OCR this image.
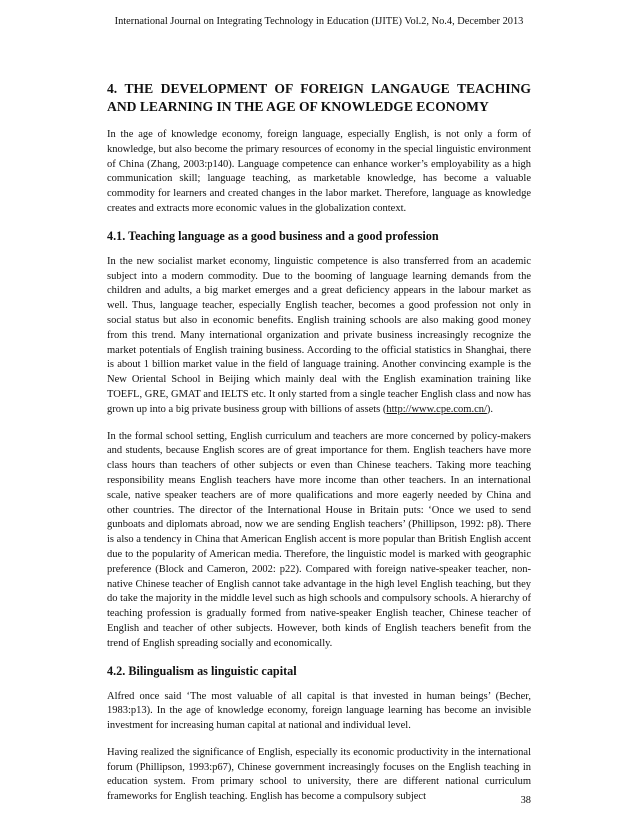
International Journal on Integrating Technology in Education (IJITE) Vol.2, No.4, December 2013
4. THE DEVELOPMENT OF FOREIGN LANGAUGE TEACHING AND LEARNING IN THE AGE OF KNOWLEDGE ECONOMY

In the age of knowledge economy, foreign language, especially English, is not only a form of knowledge, but also become the primary resources of economy in the special linguistic environment of China (Zhang, 2003:p140). Language competence can enhance worker’s employability as a high communication skill; language teaching, as marketable knowledge, has become a valuable commodity for learners and created changes in the labor market. Therefore, language as knowledge creates and extracts more economic values in the globalization context.

4.1. Teaching language as a good business and a good profession

In the new socialist market economy, linguistic competence is also transferred from an academic subject into a modern commodity. Due to the booming of language learning demands from the children and adults, a big market emerges and a great deficiency appears in the labour market as well. Thus, language teacher, especially English teacher, becomes a good profession not only in social status but also in economic benefits. English training schools are also making good money from this trend. Many international organization and private business increasingly recognize the market potentials of English training business. According to the official statistics in Shanghai, there is about 1 billion market value in the field of language training. Another convincing example is the New Oriental School in Beijing which mainly deal with the English examination training like TOEFL, GRE, GMAT and IELTS etc. It only started from a single teacher English class and now has grown up into a big private business group with billions of assets (http://www.cpe.com.cn/).

In the formal school setting, English curriculum and teachers are more concerned by policy-makers and students, because English scores are of great importance for them. English teachers have more class hours than teachers of other subjects or even than Chinese teachers. Taking more teaching responsibility means English teachers have more income than other teachers. In an international scale, native speaker teachers are of more qualifications and more eagerly needed by China and other countries. The director of the International House in Britain puts: ‘Once we used to send gunboats and diplomats abroad, now we are sending English teachers’ (Phillipson, 1992: p8). There is also a tendency in China that American English accent is more popular than British English accent due to the popularity of American media. Therefore, the linguistic model is marked with geographic preference (Block and Cameron, 2002: p22). Compared with foreign native-speaker teacher, non-native Chinese teacher of English cannot take advantage in the high level English teaching, but they do take the majority in the middle level such as high schools and compulsory schools. A hierarchy of teaching profession is gradually formed from native-speaker English teacher, Chinese teacher of English and teacher of other subjects. However, both kinds of English teachers benefit from the trend of English spreading socially and economically.

4.2. Bilingualism as linguistic capital

Alfred once said ‘The most valuable of all capital is that invested in human beings’ (Becher, 1983:p13). In the age of knowledge economy, foreign language learning has become an invisible investment for increasing human capital at national and individual level.

Having realized the significance of English, especially its economic productivity in the international forum (Phillipson, 1993:p67), Chinese government increasingly focuses on the English teaching in education system. From primary school to university, there are different national curriculum frameworks for English teaching. English has become a compulsory subject	38
